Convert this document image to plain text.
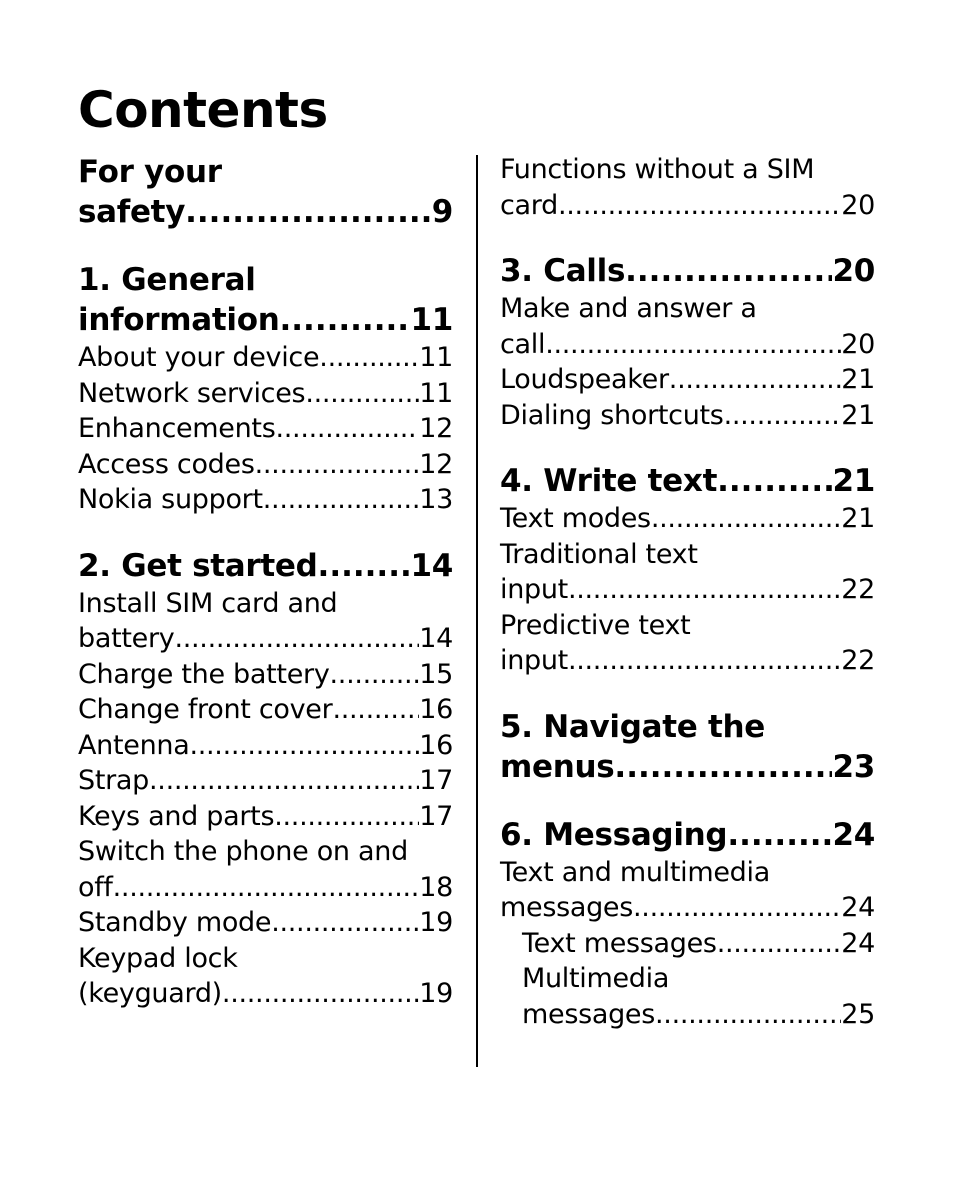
Contents
For your
safety .....	9
1. General
information .....	11
About your device .....	11
Network services .....	11
Enhancements .....	12
Access codes .....	12
Nokia support .....	13
2. Get started .....	14
Install SIM card and
battery .....	14
Charge the battery .....	15
Change front cover .....	16
Antenna .....	16
Strap .....	17
Keys and parts .....	17
Switch the phone on and
off .....	18
Standby mode .....	19
Keypad lock
(keyguard) .....	19
Functions without a SIM
card .....	20
3. Calls .....	20
Make and answer a
call .....	20
Loudspeaker .....	21
Dialing shortcuts .....	21
4. Write text .....	21
Text modes .....	21
Traditional text
input .....	22
Predictive text
input .....	22
5. Navigate the
menus .....	23
6. Messaging .....	24
Text and multimedia
messages .....	24
Text messages .....	24
Multimedia
messages .....	25
